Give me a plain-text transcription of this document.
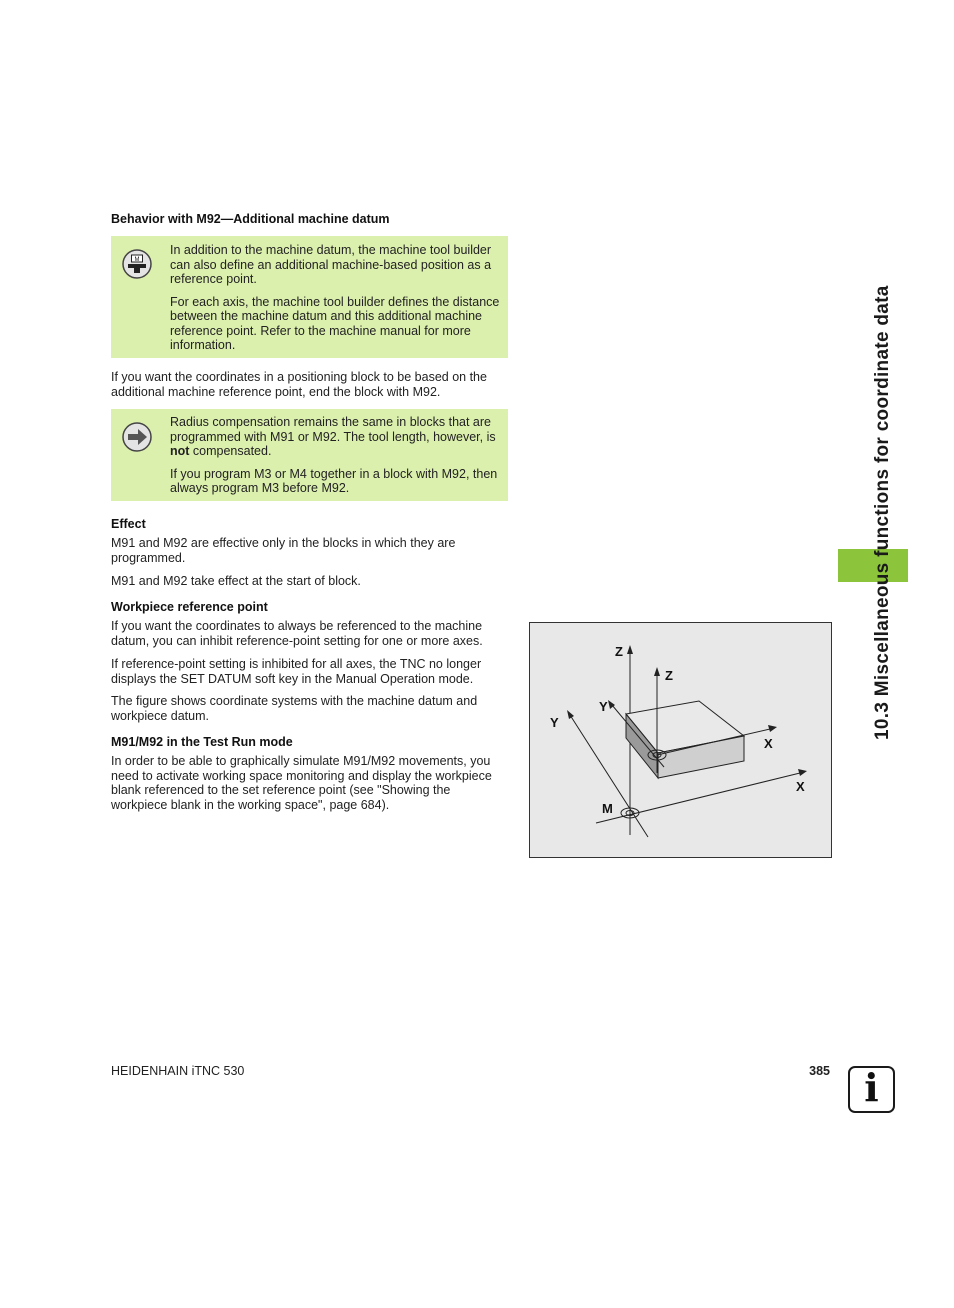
10.3 Miscellaneous functions for coordinate data
Behavior with M92—Additional machine datum
M

In addition to the machine datum, the machine tool builder can also define an additional machine-based position as a reference point.

For each axis, the machine tool builder defines the distance between the machine datum and this additional machine reference point. Refer to the machine manual for more information.

If you want the coordinates in a positioning block to be based on the additional machine reference point, end the block with M92.

Radius compensation remains the same in blocks that are programmed with M91 or M92. The tool length, however, is not compensated.

If you program M3 or M4 together in a block with M92, then always program M3 before M92.

Effect

M91 and M92 are effective only in the blocks in which they are programmed.

M91 and M92 take effect at the start of block.

Workpiece reference point

If you want the coordinates to always be referenced to the machine datum, you can inhibit reference-point setting for one or more axes.

If reference-point setting is inhibited for all axes, the TNC no longer displays the SET DATUM soft key in the Manual Operation mode.

The figure shows coordinate systems with the machine datum and workpiece datum.

M91/M92 in the Test Run mode

In order to be able to graphically simulate M91/M92 movements, you need to activate working space monitoring and display the workpiece blank referenced to the set reference point (see "Showing the workpiece blank in the working space", page 684).

Z
Z
Y
Y
X
X
M
HEIDENHAIN iTNC 530	385 i
